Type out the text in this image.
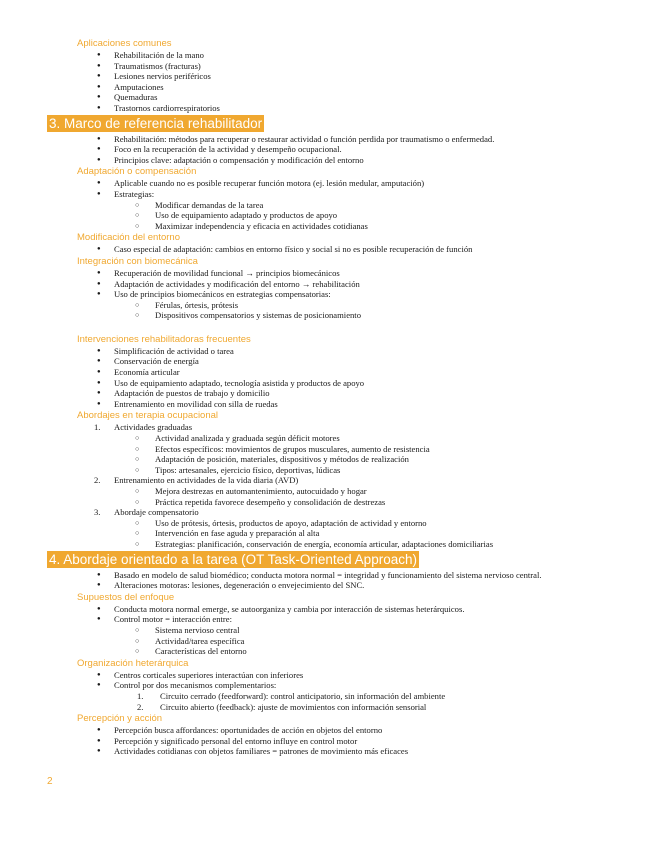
Aplicaciones comunes
● Rehabilitación de la mano
● Traumatismos (fracturas)
● Lesiones nervios periféricos
● Amputaciones
● Quemaduras
● Trastornos cardiorrespiratorios
3. Marco de referencia rehabilitador
● Rehabilitación: métodos para recuperar o restaurar actividad o función perdida por traumatismo o enfermedad.
● Foco en la recuperación de la actividad y desempeño ocupacional.
● Principios clave: adaptación o compensación y modificación del entorno
Adaptación o compensación
● Aplicable cuando no es posible recuperar función motora (ej. lesión medular, amputación)
● Estrategias:
○ Modificar demandas de la tarea
○ Uso de equipamiento adaptado y productos de apoyo
○ Maximizar independencia y eficacia en actividades cotidianas
Modificación del entorno
● Caso especial de adaptación: cambios en entorno físico y social si no es posible recuperación de función
Integración con biomecánica
● Recuperación de movilidad funcional → principios biomecánicos
● Adaptación de actividades y modificación del entorno → rehabilitación
● Uso de principios biomecánicos en estrategias compensatorias:
○ Férulas, órtesis, prótesis
○ Dispositivos compensatorios y sistemas de posicionamiento
Intervenciones rehabilitadoras frecuentes
● Simplificación de actividad o tarea
● Conservación de energía
● Economía articular
● Uso de equipamiento adaptado, tecnología asistida y productos de apoyo
● Adaptación de puestos de trabajo y domicilio
● Entrenamiento en movilidad con silla de ruedas
Abordajes en terapia ocupacional
1. Actividades graduadas
○ Actividad analizada y graduada según déficit motores
○ Efectos específicos: movimientos de grupos musculares, aumento de resistencia
○ Adaptación de posición, materiales, dispositivos y métodos de realización
○ Tipos: artesanales, ejercicio físico, deportivas, lúdicas
2. Entrenamiento en actividades de la vida diaria (AVD)
○ Mejora destrezas en automantenimiento, autocuidado y hogar
○ Práctica repetida favorece desempeño y consolidación de destrezas
3. Abordaje compensatorio
○ Uso de prótesis, órtesis, productos de apoyo, adaptación de actividad y entorno
○ Intervención en fase aguda y preparación al alta
○ Estrategias: planificación, conservación de energía, economía articular, adaptaciones domiciliarias
4. Abordaje orientado a la tarea (OT Task-Oriented Approach)
● Basado en modelo de salud biomédico; conducta motora normal = integridad y funcionamiento del sistema nervioso central.
● Alteraciones motoras: lesiones, degeneración o envejecimiento del SNC.
Supuestos del enfoque
● Conducta motora normal emerge, se autoorganiza y cambia por interacción de sistemas heterárquicos.
● Control motor = interacción entre:
○ Sistema nervioso central
○ Actividad/tarea específica
○ Características del entorno
Organización heterárquica
● Centros corticales superiores interactúan con inferiores
● Control por dos mecanismos complementarios:
1. Circuito cerrado (feedforward): control anticipatorio, sin información del ambiente
2. Circuito abierto (feedback): ajuste de movimientos con información sensorial
Percepción y acción
● Percepción busca affordances: oportunidades de acción en objetos del entorno
● Percepción y significado personal del entorno influye en control motor
● Actividades cotidianas con objetos familiares = patrones de movimiento más eficaces
2
